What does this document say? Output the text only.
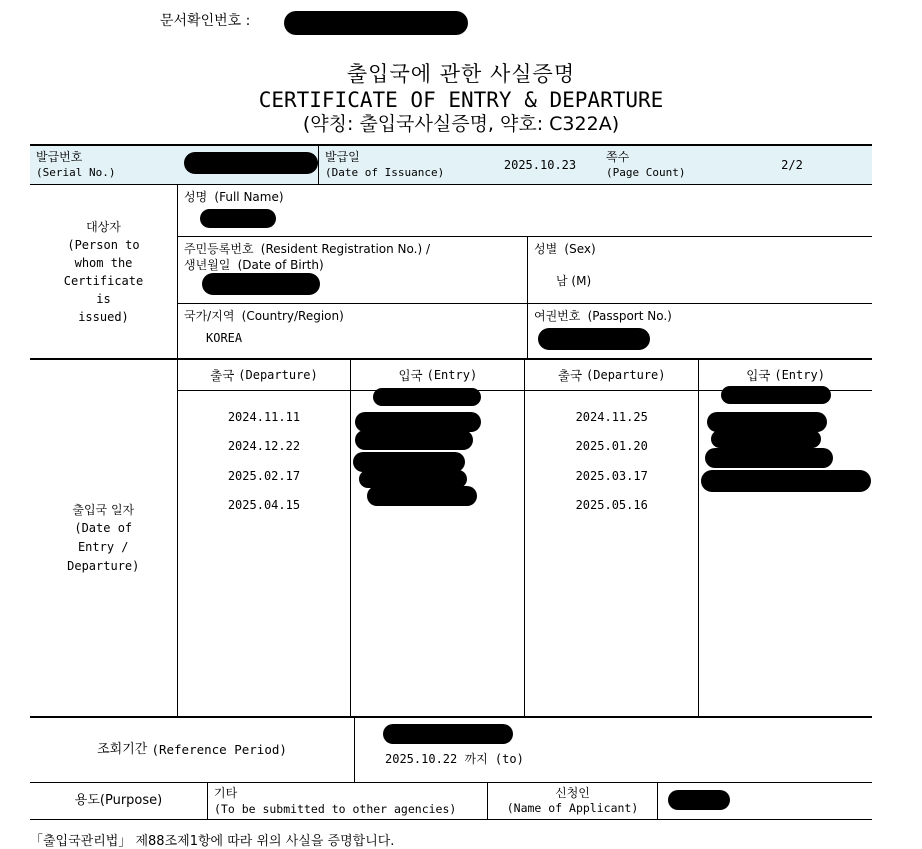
문서확인번호 :
출입국에 관한 사실증명
CERTIFICATE OF ENTRY & DEPARTURE
(약칭: 출입국사실증명, 약호: C322A)
발급번호
(Serial No.)
발급일
(Date of Issuance)
2025.10.23
쪽수
(Page Count)
2/2
대상자
(Person to
whom the
Certificate
is
issued)
성명 (Full Name)
주민등록번호 (Resident Registration No.) /
생년월일 (Date of Birth)
성별 (Sex)
남 (M)
국가/지역 (Country/Region)
KOREA
여권번호 (Passport No.)
출입국 일자
(Date of
Entry /
Departure)
출국
(Departure)
2024.11.11
2024.12.22
2025.02.17
2025.04.15
입국
(Entry)	출국
(Departure)
2024.11.25
2025.01.20
2025.03.17
2025.05.16
입국
(Entry)
조회기간
(Reference Period)
2025.10.22 까지 (to)
용도(Purpose)
기타
(To be submitted to other agencies)
신청인
(Name of Applicant)
「출입국관리법」 제88조제1항에 따라 위의 사실을 증명합니다.
